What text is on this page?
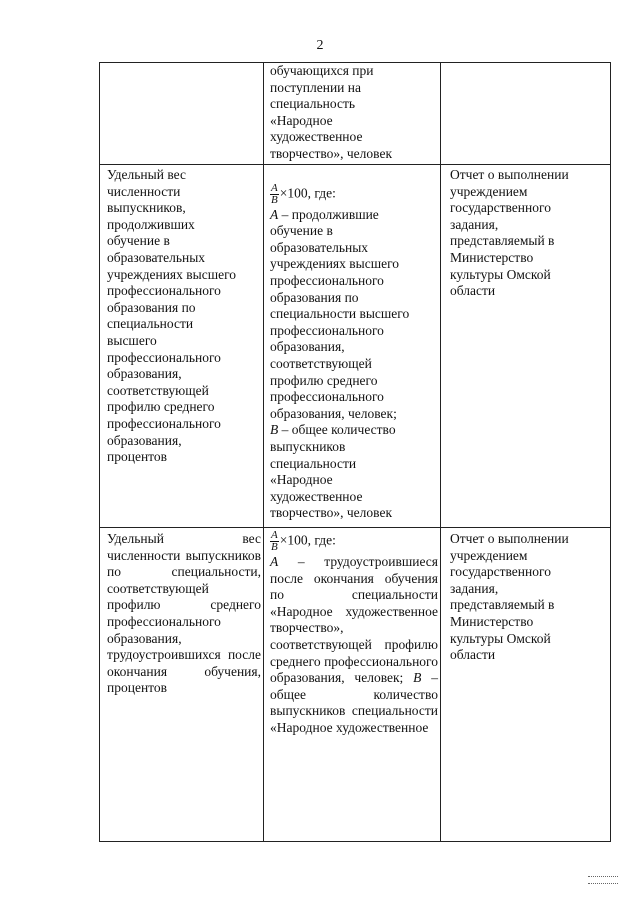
2
обучающихся при
поступлении на
специальность
«Народное
художественное
творчество», человек
Удельный вес
численности
выпускников,
продолживших
обучение в
образовательных
учреждениях высшего
профессионального
образования по
специальности
высшего
профессионального
образования,
соответствующей
профилю среднего
профессионального
образования,
процентов

$\frac{A}{B} \times 100$, где:
A – продолжившие
обучение в
образовательных
учреждениях высшего
профессионального
образования по
специальности высшего
профессионального
образования,
соответствующей
профилю среднего
профессионального
образования, человек;
B – общее количество
выпускников
специальности
«Народное
художественное
творчество», человек

Отчет о выполнении
учреждением
государственного
задания,
представляемый в
Министерство
культуры Омской
области
Удельный вес численности выпускников по специальности, соответствующей профилю среднего профессионального образования, трудоустроившихся после окончания обучения, процентов
$\frac{A}{B} \times 100$, где:
A – трудоустроившиеся после окончания обучения по специальности «Народное художественное творчество», соответствующей профилю среднего профессионального образования, человек; B – общее количество выпускников специальности «Народное художественное
Отчет о выполнении
учреждением
государственного
задания,
представляемый в
Министерство
культуры Омской
области
